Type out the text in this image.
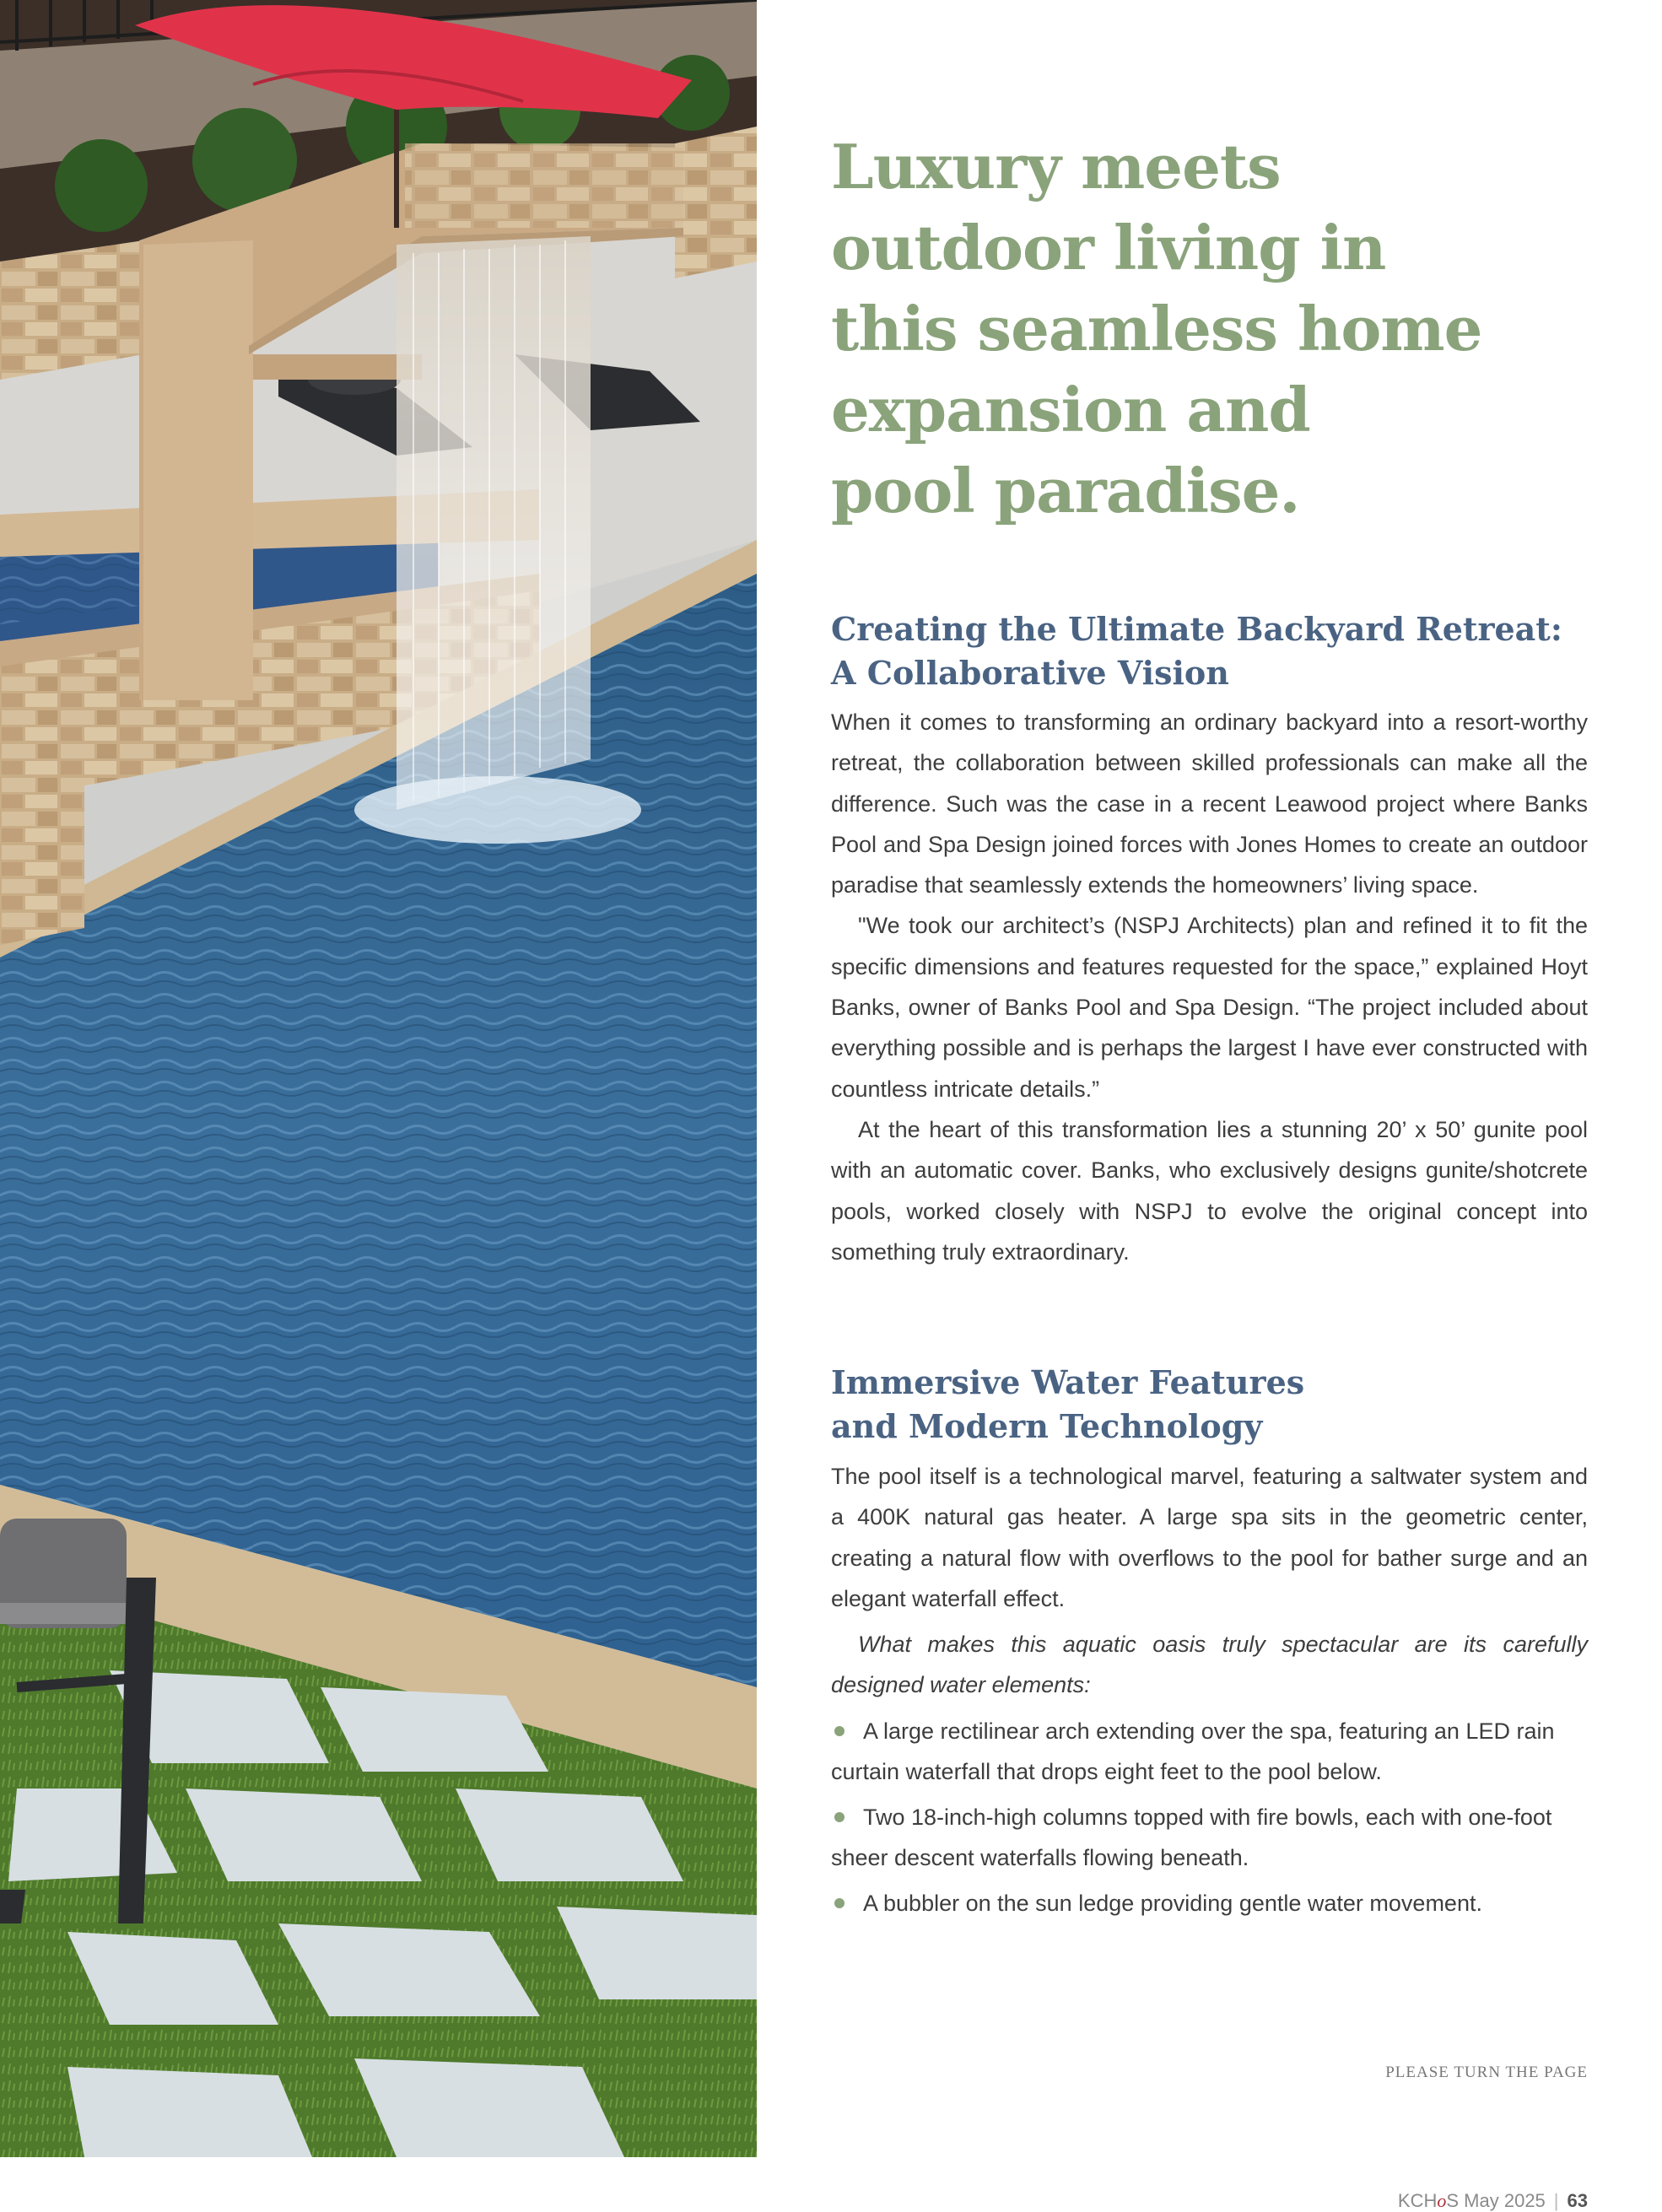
Luxury meets
outdoor living in
this seamless home
expansion and
pool paradise.
Creating the Ultimate Backyard Retreat:
A Collaborative Vision

When it comes to transforming an ordinary backyard into a resort-worthy retreat, the collaboration between skilled professionals can make all the difference. Such was the case in a recent Leawood project where Banks Pool and Spa Design joined forces with Jones Homes to create an outdoor paradise that seamlessly extends the homeowners’ living space.

"We took our architect’s (NSPJ Architects) plan and refined it to fit the specific dimensions and features requested for the space,” explained Hoyt Banks, owner of Banks Pool and Spa Design. “The project included about everything possible and is perhaps the largest I have ever constructed with countless intricate details.”

At the heart of this transformation lies a stunning 20’ x 50’ gunite pool with an automatic cover. Banks, who exclusively designs gunite/shotcrete pools, worked closely with NSPJ to evolve the original concept into something truly extraordinary.

Immersive Water Features
and Modern Technology

The pool itself is a technological marvel, featuring a saltwater system and a 400K natural gas heater. A large spa sits in the geometric center, creating a natural flow with overflows to the pool for bather surge and an elegant waterfall effect.

What makes this aquatic oasis truly spectacular are its carefully designed water elements:

A large rectilinear arch extending over the spa, featuring an LED rain curtain waterfall that drops eight feet to the pool below.
Two 18-inch-high columns topped with fire bowls, each with one-foot sheer descent waterfalls flowing beneath.
A bubbler on the sun ledge providing gentle water movement.
PLEASE TURN THE PAGE
KCHoS May 2025 | 63
